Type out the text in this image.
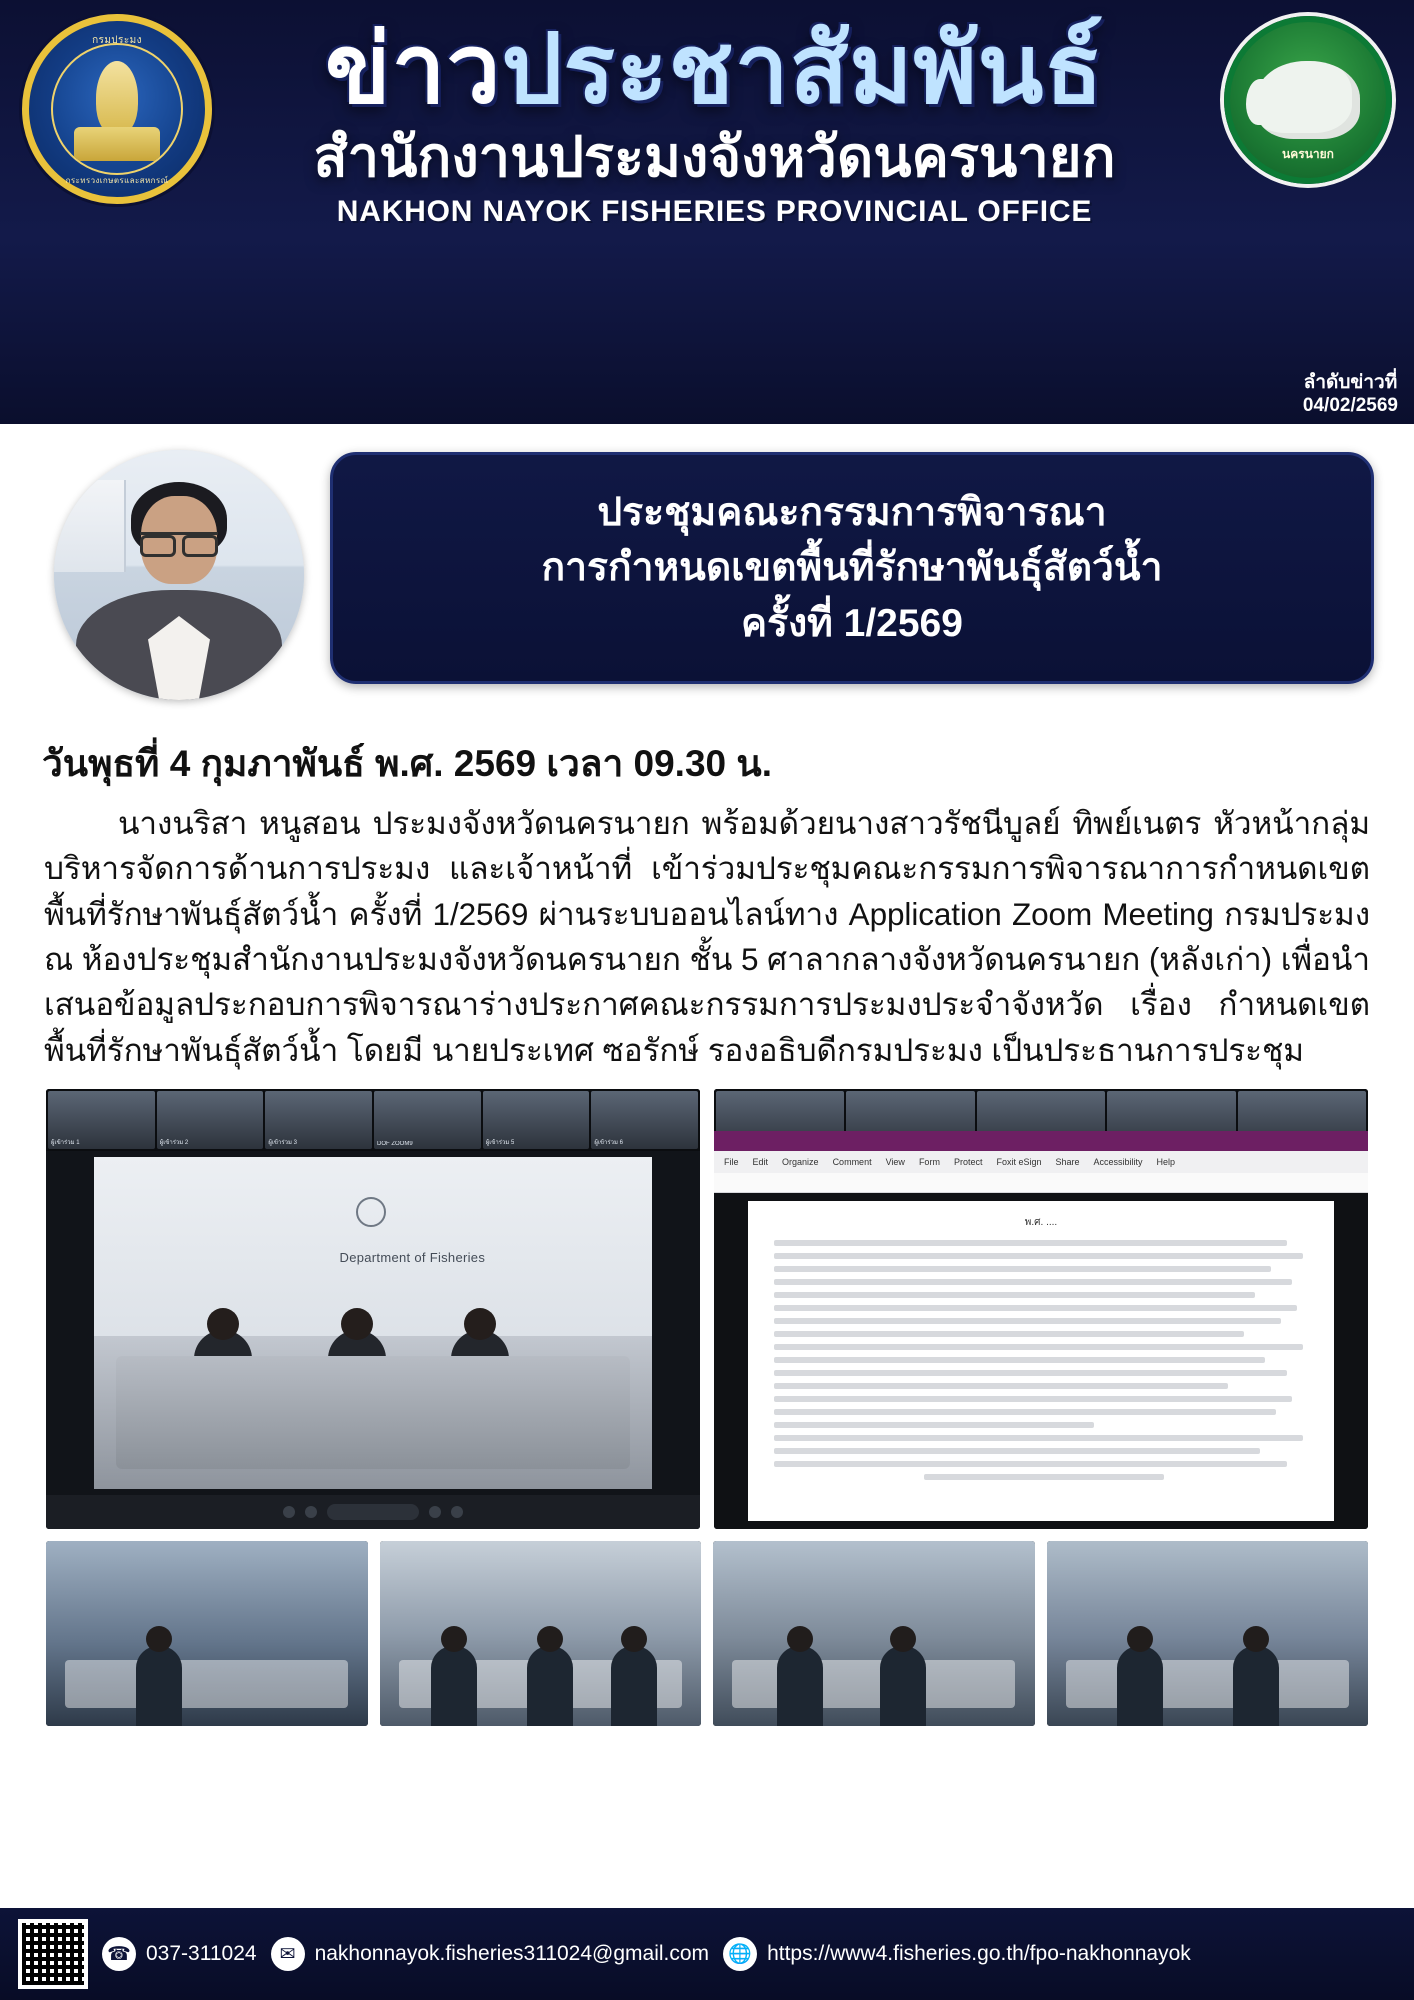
กรมประมง
กระทรวงเกษตรและสหกรณ์
ข่าวประชาสัมพันธ์
สำนักงานประมงจังหวัดนครนายก
NAKHON NAYOK FISHERIES PROVINCIAL OFFICE
นครนายก
ลำดับข่าวที่
04/02/2569
ประชุมคณะกรรมการพิจารณา
การกำหนดเขตพื้นที่รักษาพันธุ์สัตว์น้ำ
ครั้งที่ 1/2569
วันพุธที่ 4 กุมภาพันธ์ พ.ศ. 2569 เวลา 09.30 น.
นางนริสา หนูสอน ประมงจังหวัดนครนายก พร้อมด้วยนางสาวรัชนีบูลย์ ทิพย์เนตร หัวหน้ากลุ่มบริหารจัดการด้านการประมง และเจ้าหน้าที่ เข้าร่วมประชุมคณะกรรมการพิจารณาการกำหนดเขตพื้นที่รักษาพันธุ์สัตว์น้ำ ครั้งที่ 1/2569 ผ่านระบบออนไลน์ทาง Application Zoom Meeting กรมประมง ณ ห้องประชุมสำนักงานประมงจังหวัดนครนายก ชั้น 5 ศาลากลางจังหวัดนครนายก (หลังเก่า) เพื่อนำเสนอข้อมูลประกอบการพิจารณาร่างประกาศคณะกรรมการประมงประจำจังหวัด เรื่อง กำหนดเขตพื้นที่รักษาพันธุ์สัตว์น้ำ โดยมี นายประเทศ ซอรักษ์ รองอธิบดีกรมประมง เป็นประธานการประชุม
ผู้เข้าร่วม 1	ผู้เข้าร่วม 2	ผู้เข้าร่วม 3	DOF ZOOM9	ผู้เข้าร่วม 5	ผู้เข้าร่วม 6
Department of Fisheries
File Edit Organize Comment View Form Protect Foxit eSign Share Accessibility Help
พ.ศ. ....
☎ 037-311024	✉ nakhonnayok.fisheries311024@gmail.com 🌐 https://www4.fisheries.go.th/fpo-nakhonnayok
